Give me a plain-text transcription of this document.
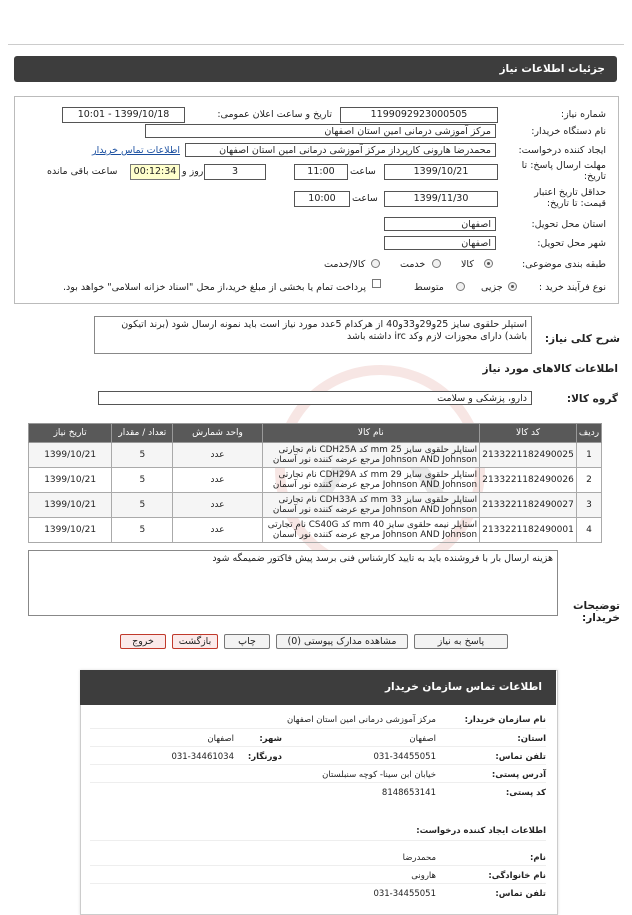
جزئیات اطلاعات نیاز
شماره نیاز:
1199092923000505
تاریخ و ساعت اعلان عمومی:
1399/10/18 - 10:01
نام دستگاه خریدار:
مرکز آموزشی درمانی امین استان اصفهان
ایجاد کننده درخواست:
محمدرضا هارونی کارپرداز مرکز آموزشی درمانی امین استان اصفهان
اطلاعات تماس خریدار
مهلت ارسال پاسخ: تا تاریخ:
1399/10/21
ساعت
11:00
3
روز و
00:12:34
ساعت باقی مانده
حداقل تاریخ اعتبار قیمت: تا تاریخ:
1399/11/30
ساعت
10:00
استان محل تحویل:
اصفهان
شهر محل تحویل:
اصفهان
طبقه بندی موضوعی:
کالا
خدمت
کالا/خدمت
نوع فرآیند خرید :
جزیی
متوسط
پرداخت تمام یا بخشی از مبلغ خرید،از محل "اسناد خزانه اسلامی" خواهد بود.
شرح کلی نیاز:
استپلر حلقوی سایز 25و29و33و40 از هرکدام 5عدد مورد نیاز است باید نمونه ارسال شود (برند اتیکون باشد) دارای مجوزات لازم وکد irc داشته باشد
اطلاعات کالاهای مورد نیاز
گروه کالا:
دارو، پزشکی و سلامت
ردیف	کد کالا	نام کالا	واحد شمارش	تعداد / مقدار	تاریخ نیاز
1	2133221182490025	استاپلر حلقوی سایز 25 mm کد CDH25A نام تجارتی
Johnson AND Johnson مرجع عرضه کننده نور آسمان	عدد	5	1399/10/21
2	2133221182490026	استاپلر حلقوی سایز 29 mm کد CDH29A نام تجارتی
Johnson AND Johnson مرجع عرضه کننده نور آسمان	عدد	5	1399/10/21
3	2133221182490027	استاپلر حلقوی سایز 33 mm کد CDH33A نام تجارتی
Johnson AND Johnson مرجع عرضه کننده نور آسمان	عدد	5	1399/10/21
4	2133221182490001	استاپلر نیمه حلقوی سایز 40 mm کد CS40G نام تجارتی
Johnson AND Johnson مرجع عرضه کننده نور آسمان	عدد	5	1399/10/21
توضیحات خریدار:
هزینه ارسال بار با فروشنده باید به تایید کارشناس فنی برسد پیش فاکتور ضمیمگه شود
پاسخ به نیاز
مشاهده مدارک پیوستی (0)
چاپ
بازگشت
خروج
اطلاعات تماس سازمان خریدار
نام سازمان خریدار:
مرکز آموزشی درمانی امین استان اصفهان
استان:
اصفهان
شهر:
اصفهان
تلفن تماس:
031-34455051
دورنگار:
031-34461034
آدرس پستی:
خیابان ابن سینا- کوچه سنبلستان
کد پستی:
8148653141
اطلاعات ایجاد کننده درخواست:
نام:
محمدرضا
نام خانوادگی:
هارونی
تلفن تماس:
031-34455051
